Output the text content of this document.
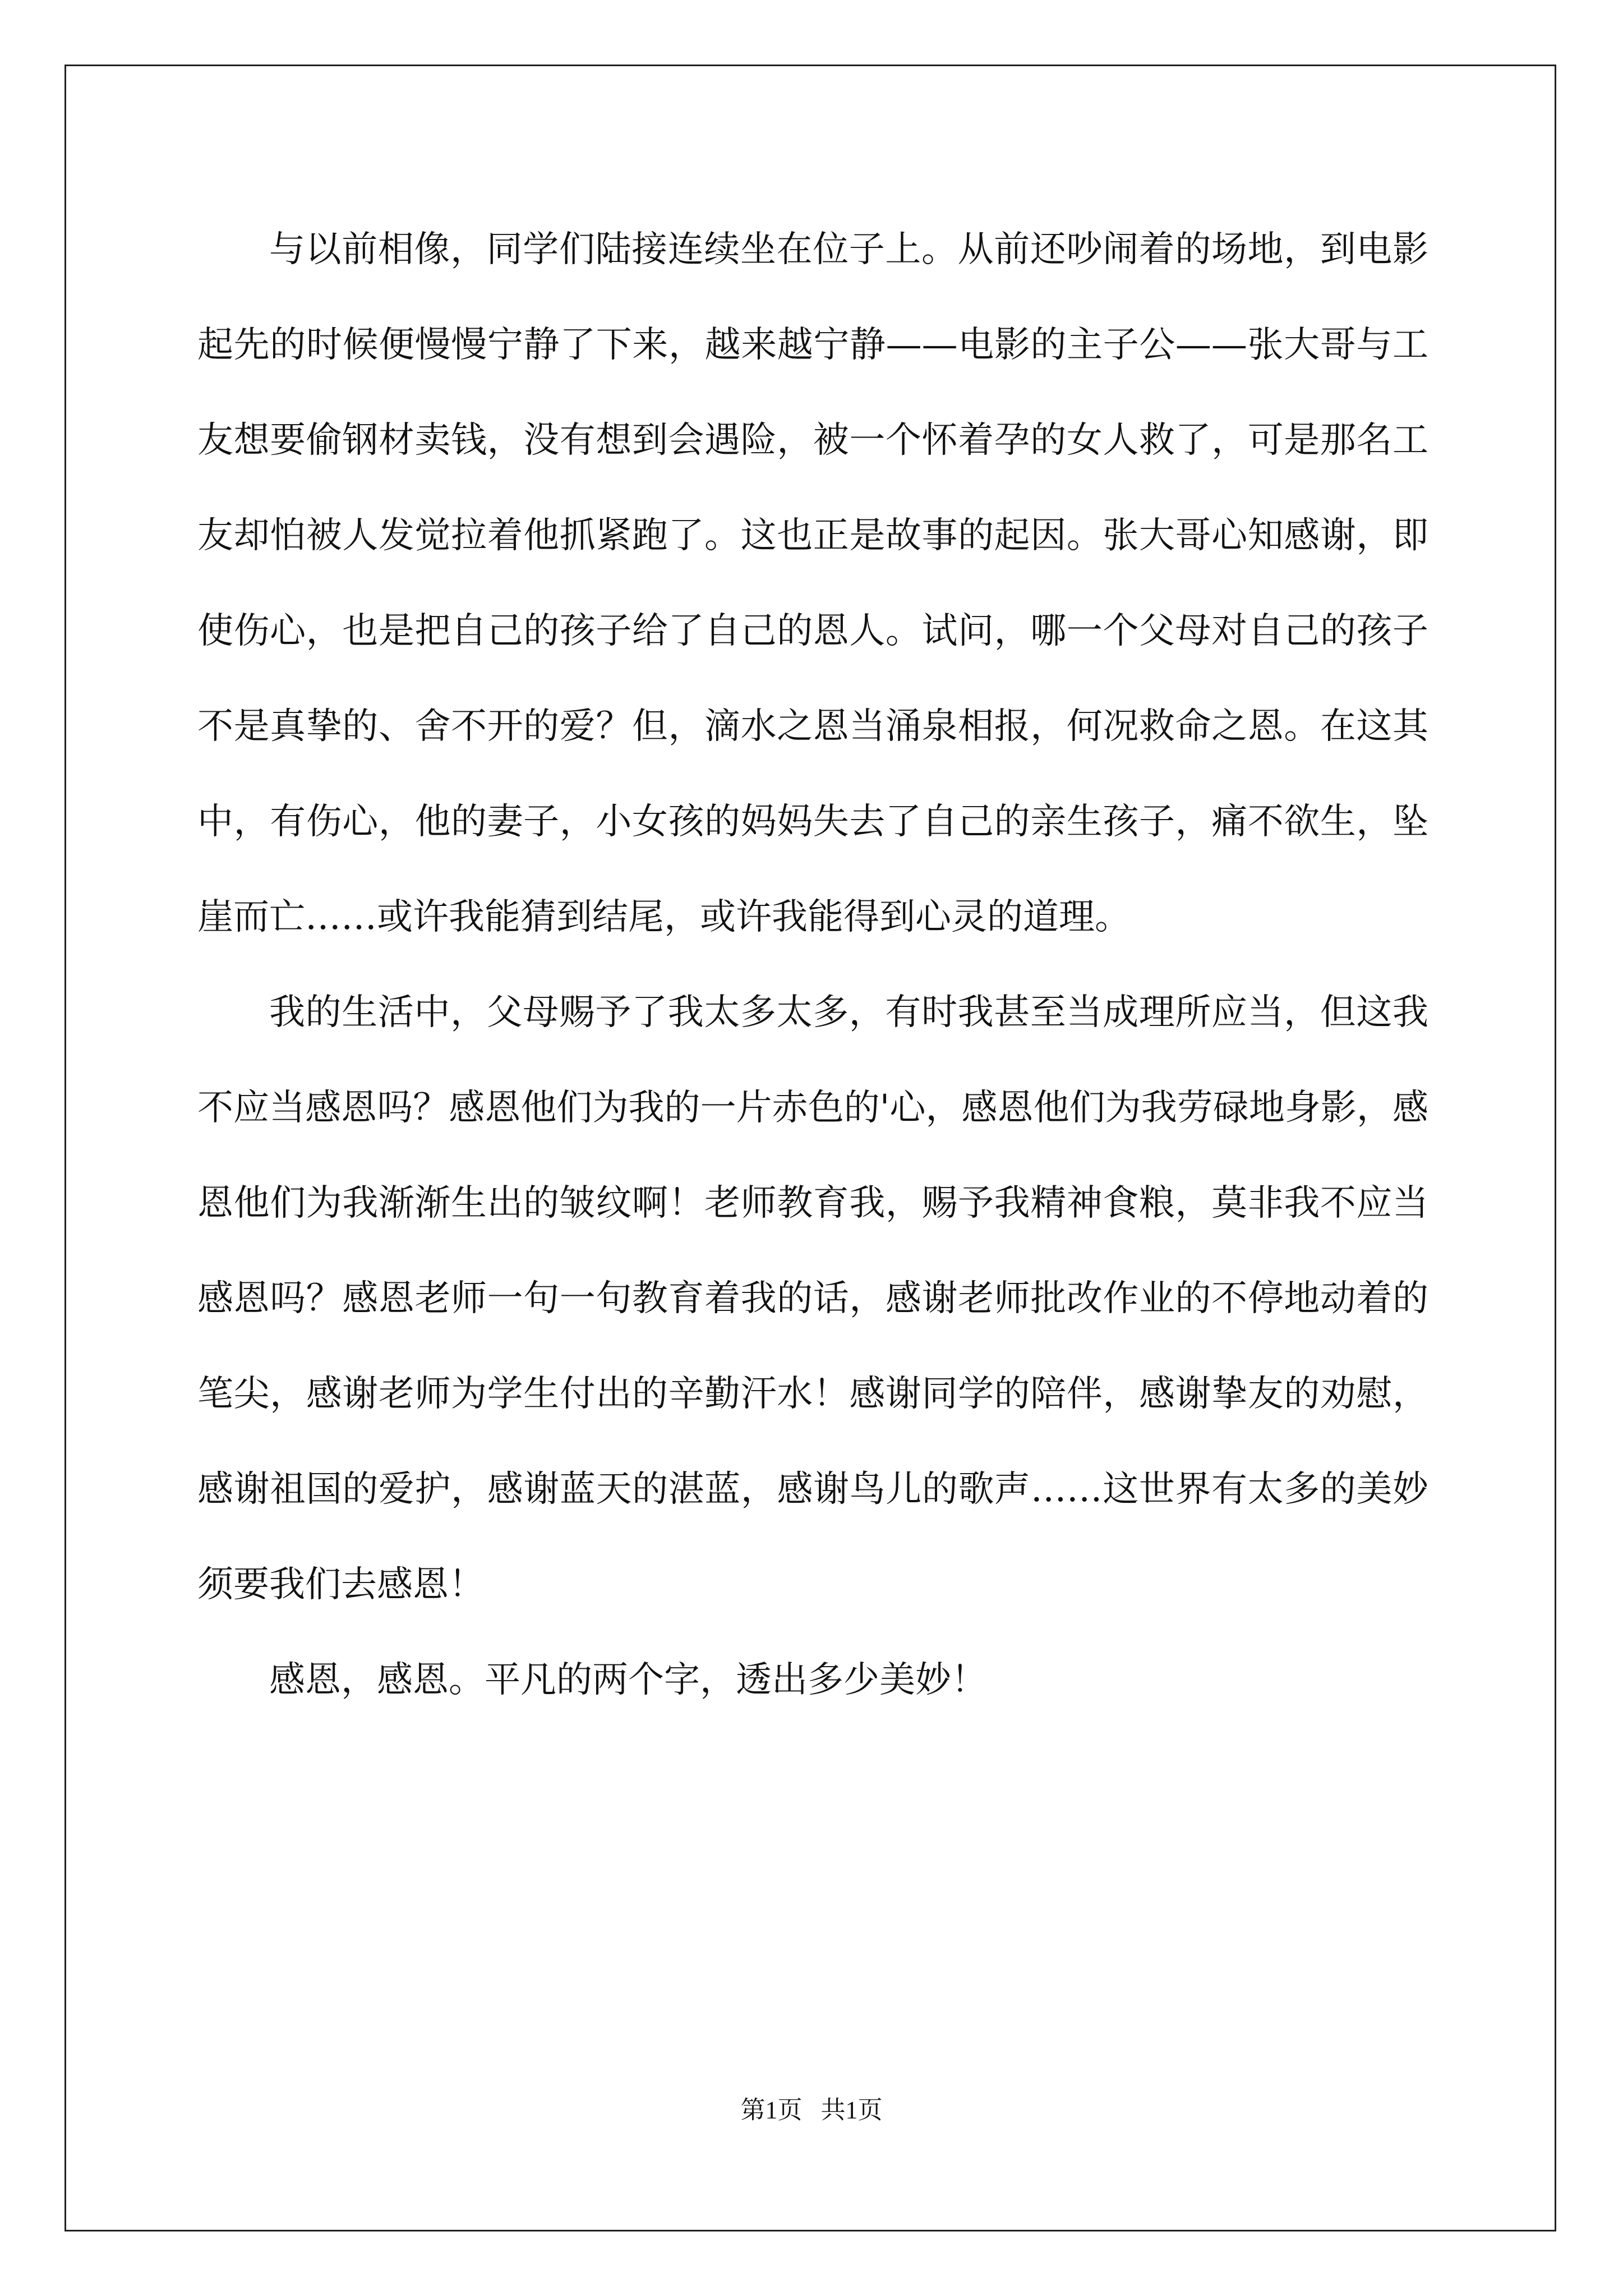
与以前相像，同学们陆接连续坐在位子上。从前还吵闹着的场地，到电影起先的时候便慢慢宁静了下来，越来越宁静——电影的主子公——张大哥与工友想要偷钢材卖钱，没有想到会遇险，被一个怀着孕的女人救了，可是那名工友却怕被人发觉拉着他抓紧跑了。这也正是故事的起因。张大哥心知感谢，即使伤心，也是把自己的孩子给了自己的恩人。试问，哪一个父母对自己的孩子不是真挚的、舍不开的爱？但，滴水之恩当涌泉相报，何况救命之恩。在这其中，有伤心，他的妻子，小女孩的妈妈失去了自己的亲生孩子，痛不欲生，坠崖而亡……或许我能猜到结尾，或许我能得到心灵的道理。

我的生活中，父母赐予了我太多太多，有时我甚至当成理所应当，但这我不应当感恩吗？感恩他们为我的一片赤色的'心，感恩他们为我劳碌地身影，感恩他们为我渐渐生出的皱纹啊！老师教育我，赐予我精神食粮，莫非我不应当感恩吗？感恩老师一句一句教育着我的话，感谢老师批改作业的不停地动着的笔尖，感谢老师为学生付出的辛勤汗水！感谢同学的陪伴，感谢挚友的劝慰，感谢祖国的爱护，感谢蓝天的湛蓝，感谢鸟儿的歌声……这世界有太多的美妙须要我们去感恩！

感恩，感恩。平凡的两个字，透出多少美妙！

第1页   共1页
